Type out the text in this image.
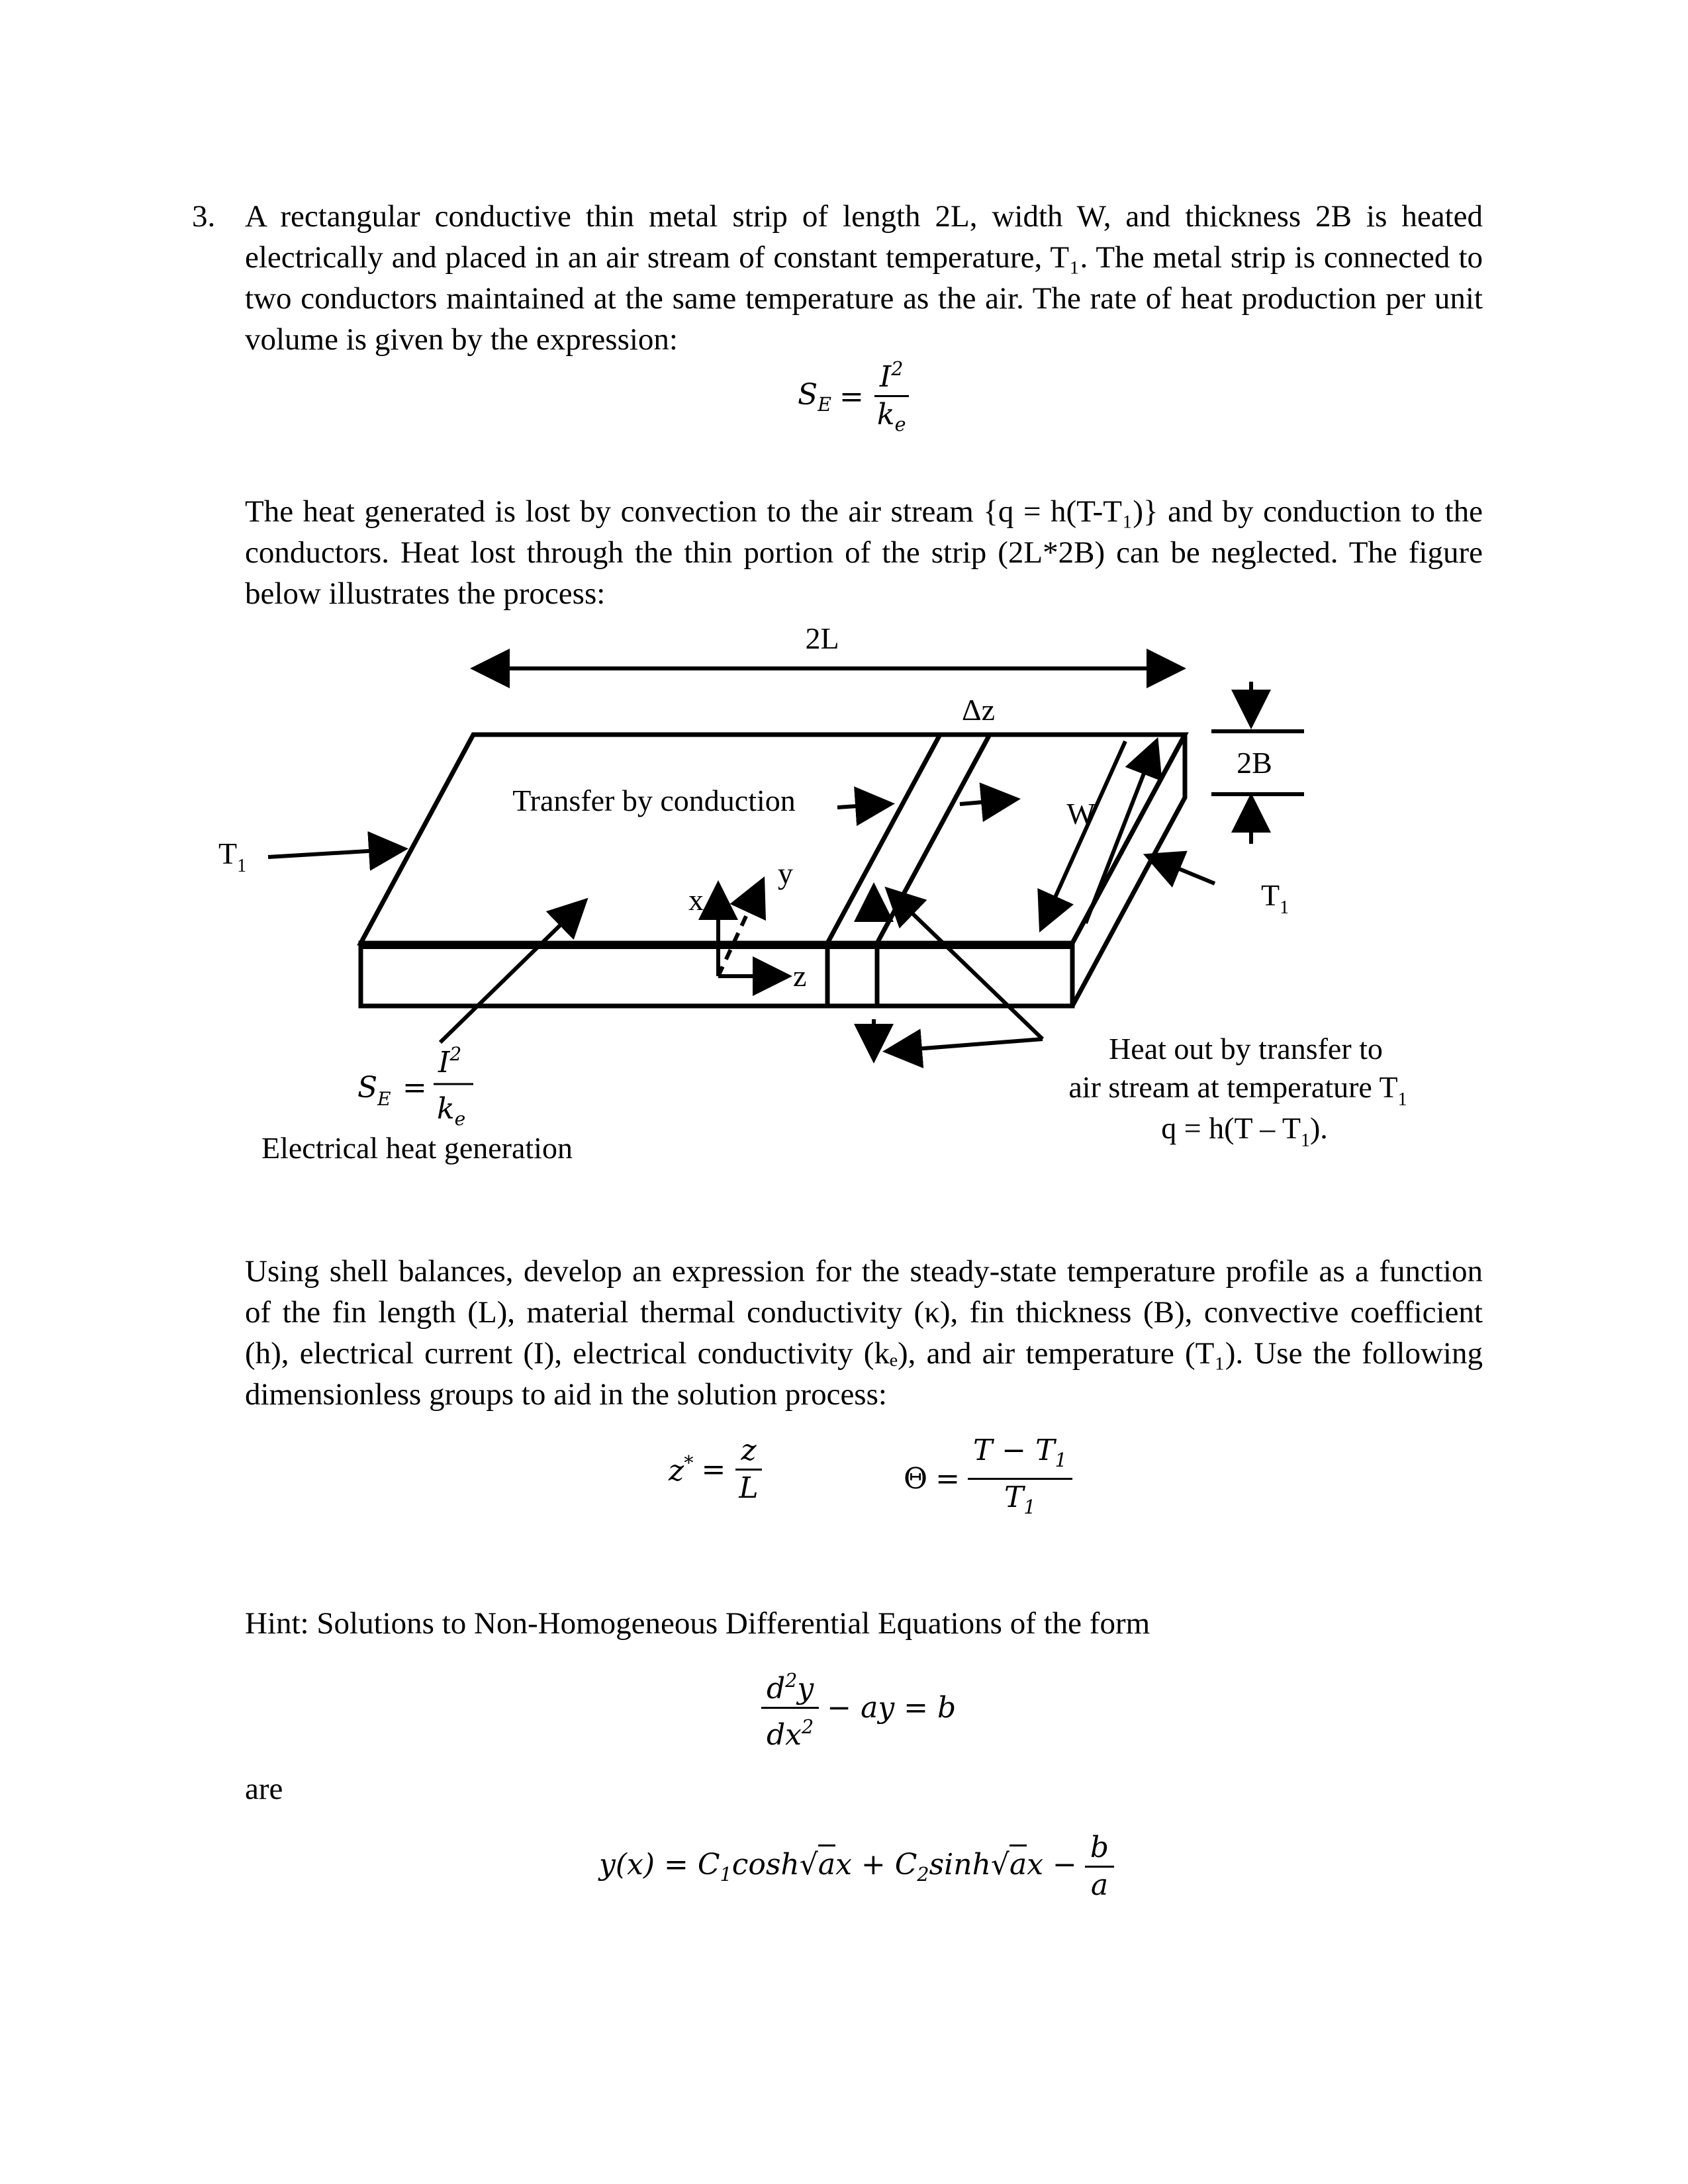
3. A rectangular conductive thin metal strip of length 2L, width W, and thickness 2B is heated electrically and placed in an air stream of constant temperature, T₁. The metal strip is connected to two conductors maintained at the same temperature as the air. The rate of heat production per unit volume is given by the expression:
$S_E = \frac{I^2}{k_e}$
The heat generated is lost by convection to the air stream {q = h(T-T₁)} and by conduction to the conductors. Heat lost through the thin portion of the strip (2L*2B) can be neglected. The figure below illustrates the process:
2L
Δz
2B
W
Transfer by conduction
$T_1$
$T_1$
x
y
z
$S_E$ =
$I^2$
$k_e$
Electrical heat generation
Heat out by transfer to
air stream at temperature $T_1$
$q = h(T - T_1)$.
Using shell balances, develop an expression for the steady-state temperature profile as a function of the fin length (L), material thermal conductivity (κ), fin thickness (B), convective coefficient (h), electrical current (I), electrical conductivity (kₑ), and air temperature (T₁). Use the following dimensionless groups to aid in the solution process:
$z^* = \frac{z}{L}$	$\Theta = \frac{T - T_1}{T_1}$
Hint: Solutions to Non-Homogeneous Differential Equations of the form
$\frac{d^2y}{dx^2}$ − ay = b
are
$y(x) = C_1\cosh√ax + C_2\sinh√ax - \frac{b}{a}$
